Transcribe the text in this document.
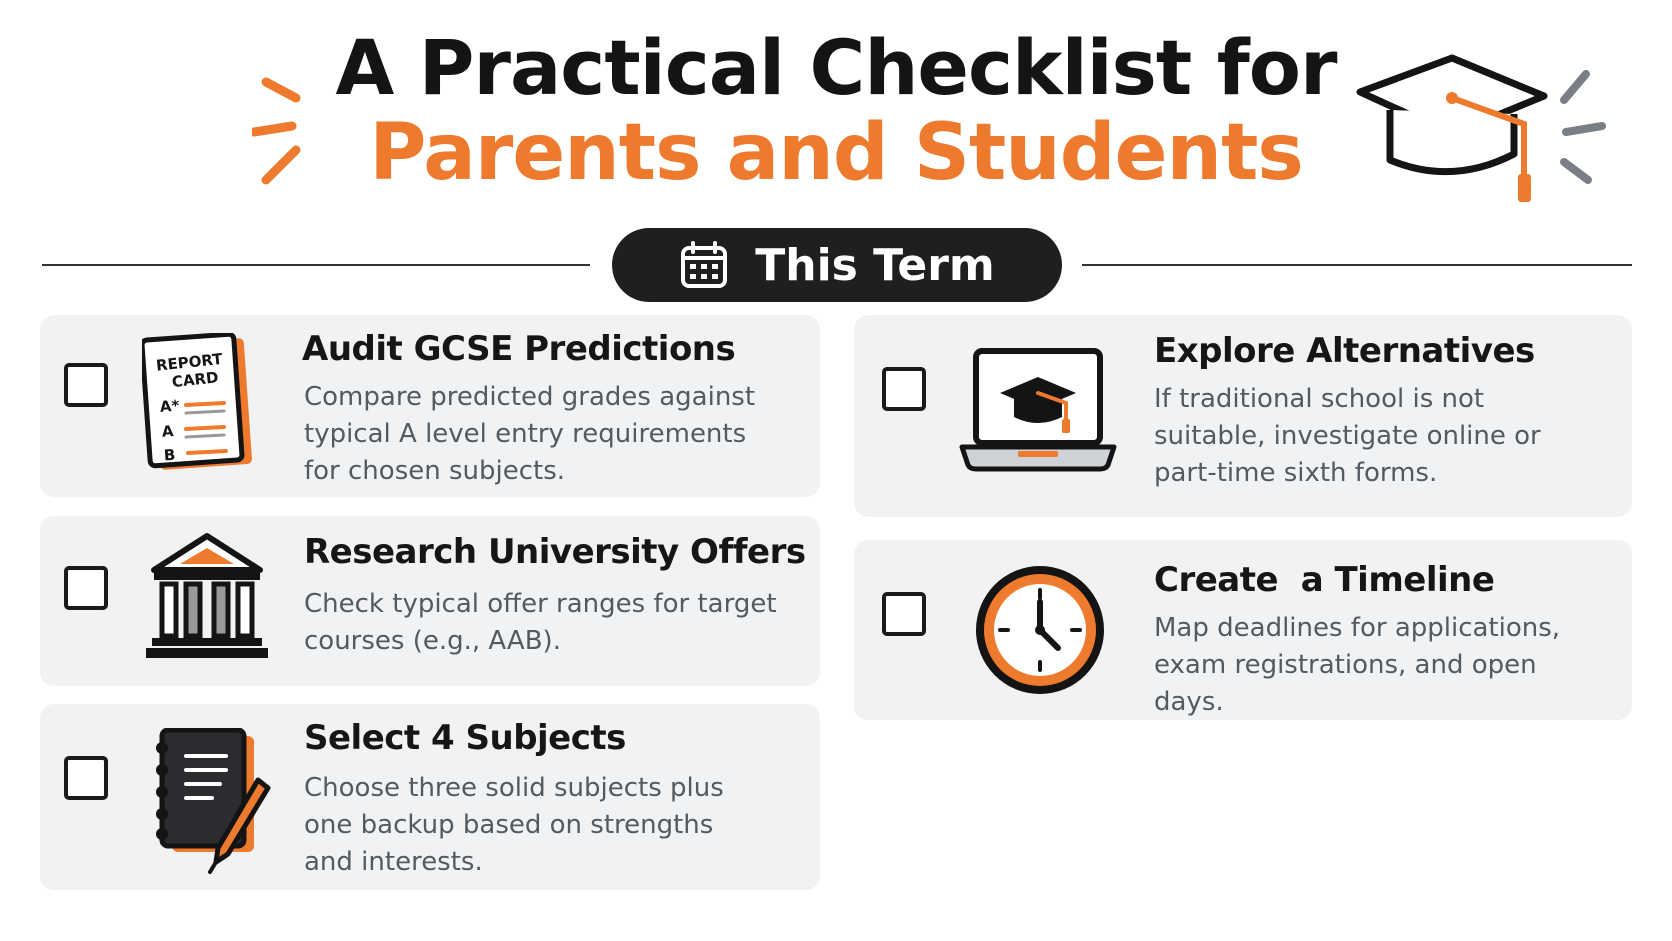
A Practical Checklist for
Parents and Students
This Term
REPORT
CARD
A*
A
B
Audit GCSE Predictions
Compare predicted grades against typical A level entry requirements for chosen subjects.
Research University Offers
Check typical offer ranges for target courses (e.g., AAB).
Select 4 Subjects
Choose three solid subjects plus one backup based on strengths and interests.
Explore Alternatives
If traditional school is not suitable, investigate online or part-time sixth forms.
Create  a Timeline
Map deadlines for applications, exam registrations, and open days.
